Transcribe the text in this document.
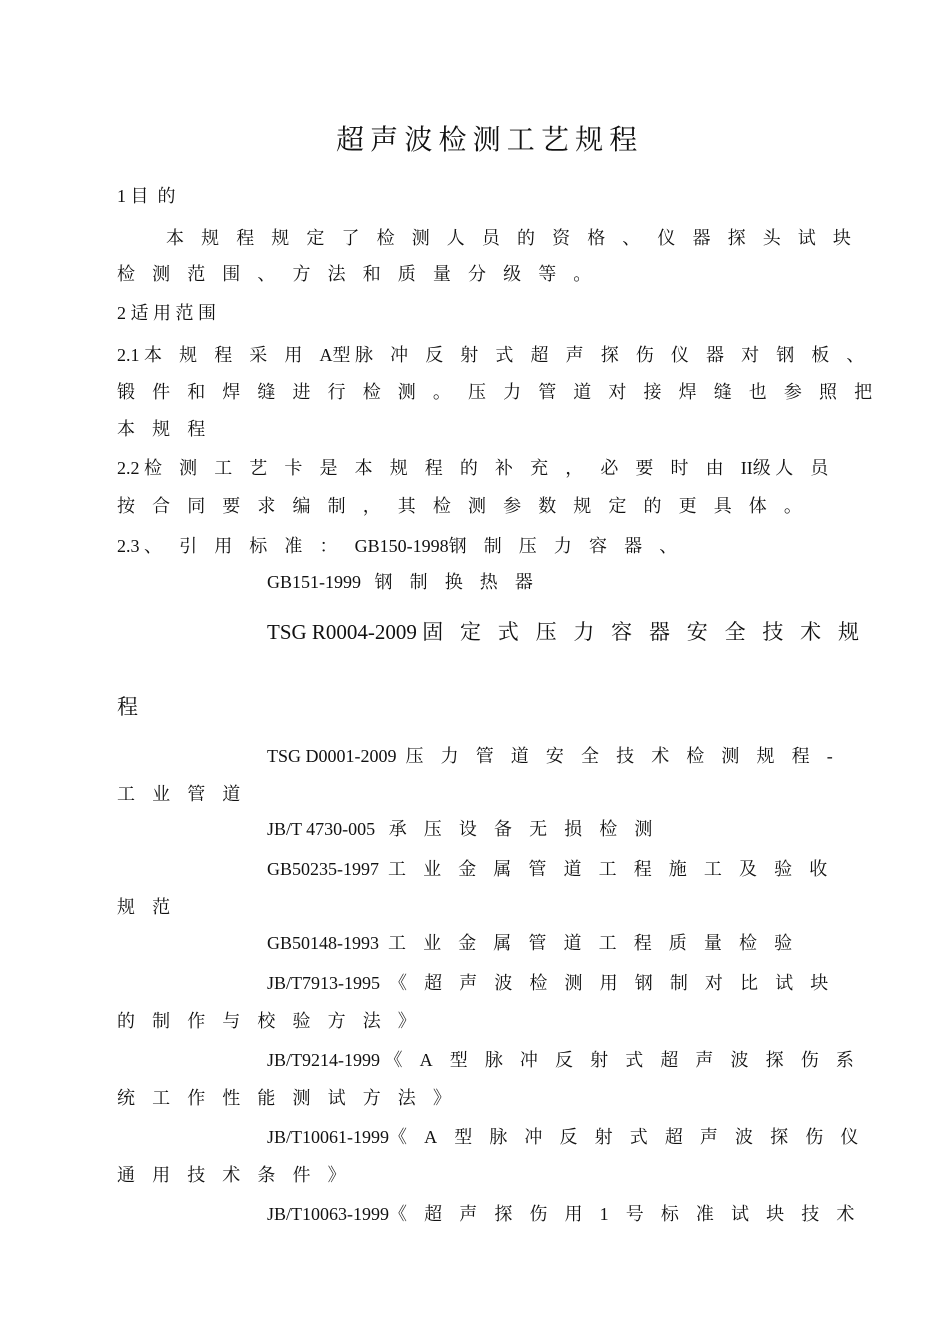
超声波检测工艺规程
1 目  的
本规程规定了检测人员的资格、仪器探头试块
检测范围、方法和质量分级等。
2 适 用 范 围
2.1 本规程采用A型 脉冲反射式超声探伤仪器对钢板、
锻件和焊缝进行检测。压力管道对接焊缝也参照把
本规程
2.2 检测工艺卡是本规程的补充，必要时由II级 人员
按合同要求编制，其检测参数规定的更具体。
2.3 、引用标准：GB150-1998钢制压力容器、
GB151-1999 钢制换热器
TSG R0004-2009 固定式压力容器安全技术规
程
TSG D0001-2009 压力管道安全技术检测规程-
工业管道
JB/T 4730-005 承压设备无损检测
GB50235-1997 工业金属管道工程施工及验收
规范
GB50148-1993 工业金属管道工程质量检验
JB/T7913-1995 《超声波检测用钢制对比试块
的制作与校验方法》
JB/T9214-1999 《A型脉冲反射式超声波探伤系
统工作性能测试方法》
JB/T10061-1999《A型脉冲反射式超声波探伤仪
通用技术条件》
JB/T10063-1999《超声探伤用1号标准试块技术
